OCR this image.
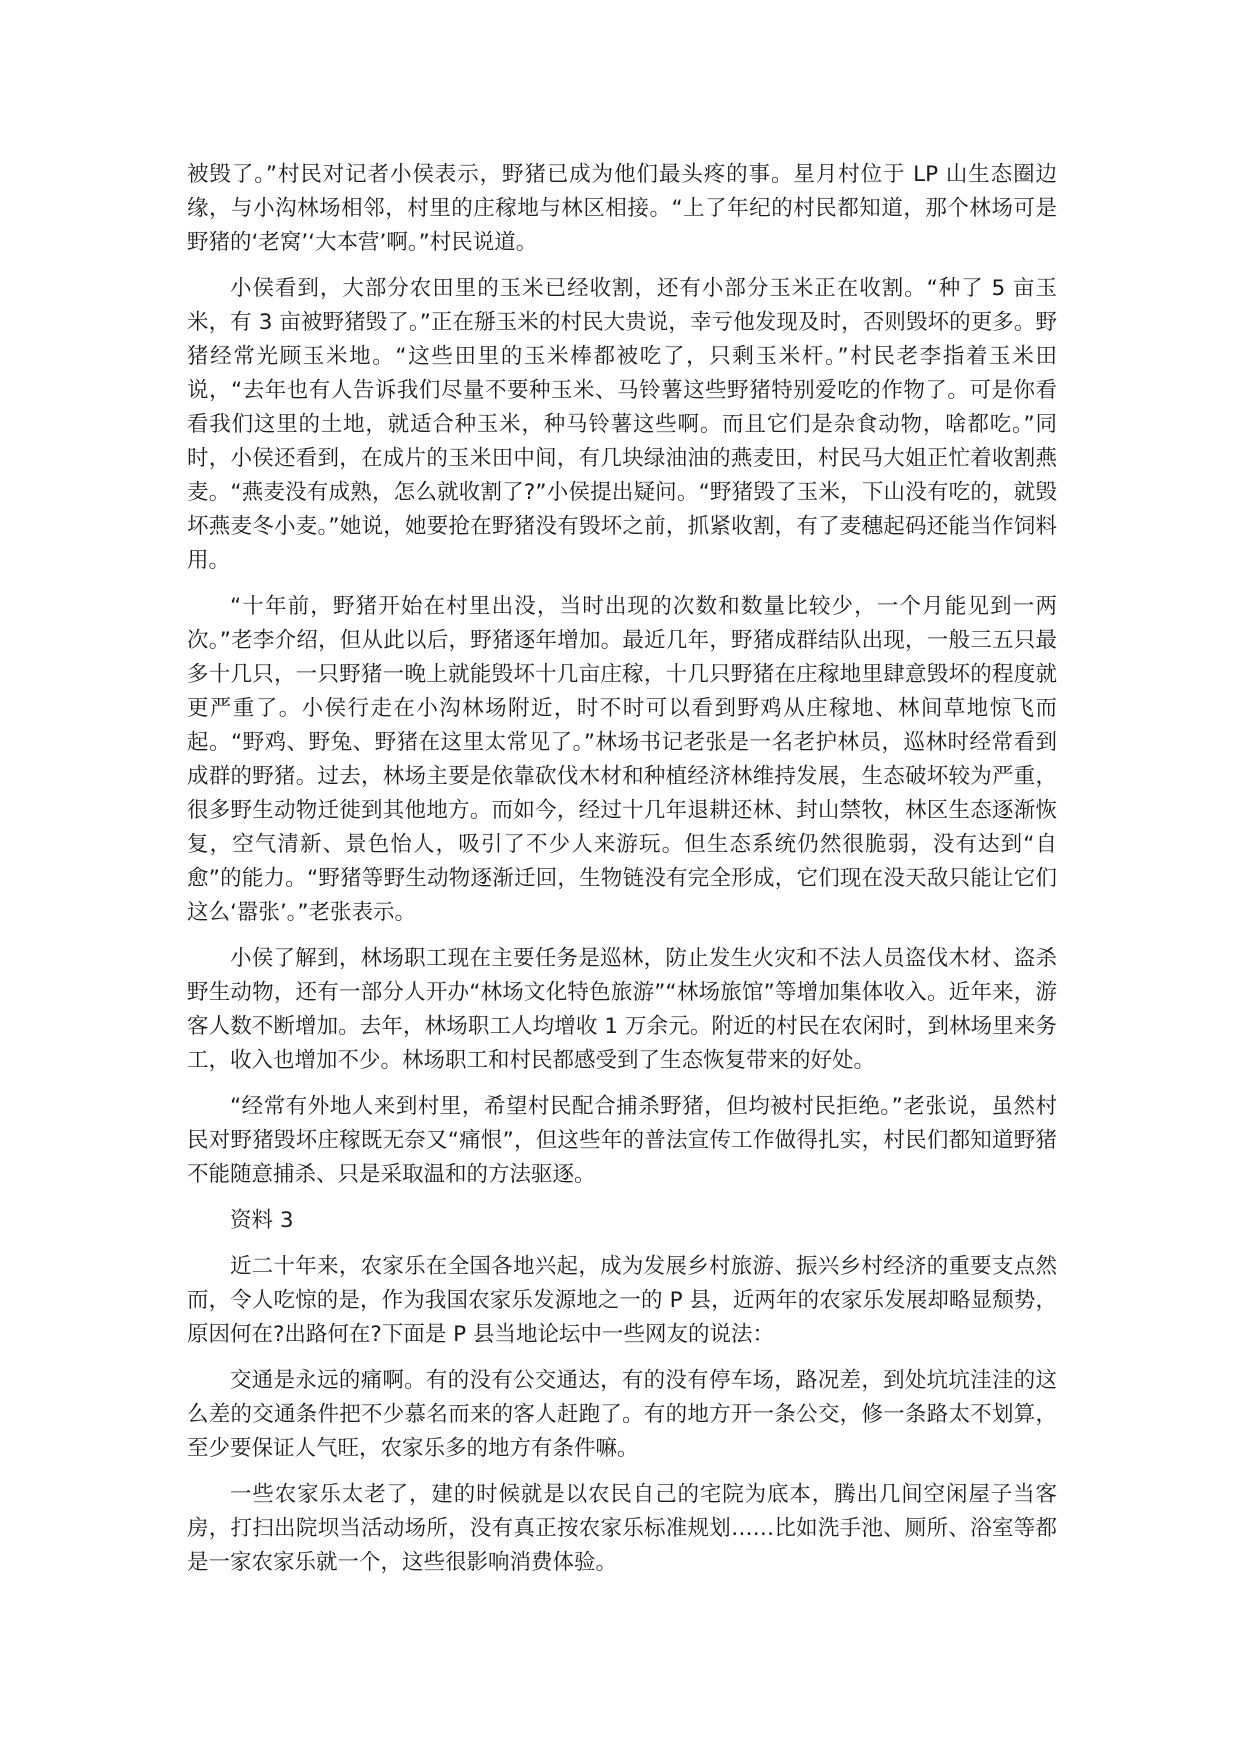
被毁了。”村民对记者小侯表示，野猪已成为他们最头疼的事。星月村位于 LP 山生态圈边缘，与小沟林场相邻，村里的庄稼地与林区相接。“上了年纪的村民都知道，那个林场可是野猪的‘老窝’‘大本营’啊。”村民说道。

小侯看到，大部分农田里的玉米已经收割，还有小部分玉米正在收割。“种了 5 亩玉米，有 3 亩被野猪毁了。”正在掰玉米的村民大贵说，幸亏他发现及时，否则毁坏的更多。野猪经常光顾玉米地。“这些田里的玉米棒都被吃了，只剩玉米杆。”村民老李指着玉米田说，“去年也有人告诉我们尽量不要种玉米、马铃薯这些野猪特别爱吃的作物了。可是你看看我们这里的土地，就适合种玉米，种马铃薯这些啊。而且它们是杂食动物，啥都吃。”同时，小侯还看到，在成片的玉米田中间，有几块绿油油的燕麦田，村民马大姐正忙着收割燕麦。“燕麦没有成熟，怎么就收割了?”小侯提出疑问。“野猪毁了玉米，下山没有吃的，就毁坏燕麦冬小麦。”她说，她要抢在野猪没有毁坏之前，抓紧收割，有了麦穗起码还能当作饲料用。

“十年前，野猪开始在村里出没，当时出现的次数和数量比较少，一个月能见到一两次。”老李介绍，但从此以后，野猪逐年增加。最近几年，野猪成群结队出现，一般三五只最多十几只，一只野猪一晚上就能毁坏十几亩庄稼，十几只野猪在庄稼地里肆意毁坏的程度就更严重了。小侯行走在小沟林场附近，时不时可以看到野鸡从庄稼地、林间草地惊飞而起。“野鸡、野兔、野猪在这里太常见了。”林场书记老张是一名老护林员，巡林时经常看到成群的野猪。过去，林场主要是依靠砍伐木材和种植经济林维持发展，生态破坏较为严重，很多野生动物迁徙到其他地方。而如今，经过十几年退耕还林、封山禁牧，林区生态逐渐恢复，空气清新、景色怡人，吸引了不少人来游玩。但生态系统仍然很脆弱，没有达到“自愈”的能力。“野猪等野生动物逐渐迁回，生物链没有完全形成，它们现在没天敌只能让它们这么‘嚣张’。”老张表示。

小侯了解到，林场职工现在主要任务是巡林，防止发生火灾和不法人员盗伐木材、盗杀野生动物，还有一部分人开办“林场文化特色旅游”“林场旅馆”等增加集体收入。近年来，游客人数不断增加。去年，林场职工人均增收 1 万余元。附近的村民在农闲时，到林场里来务工，收入也增加不少。林场职工和村民都感受到了生态恢复带来的好处。

“经常有外地人来到村里，希望村民配合捕杀野猪，但均被村民拒绝。”老张说，虽然村民对野猪毁坏庄稼既无奈又“痛恨”，但这些年的普法宣传工作做得扎实，村民们都知道野猪不能随意捕杀、只是采取温和的方法驱逐。

资料 3

近二十年来，农家乐在全国各地兴起，成为发展乡村旅游、振兴乡村经济的重要支点然而，令人吃惊的是，作为我国农家乐发源地之一的 P 县，近两年的农家乐发展却略显颓势，原因何在?出路何在?下面是 P 县当地论坛中一些网友的说法：

交通是永远的痛啊。有的没有公交通达，有的没有停车场，路况差，到处坑坑洼洼的这么差的交通条件把不少慕名而来的客人赶跑了。有的地方开一条公交，修一条路太不划算，至少要保证人气旺，农家乐多的地方有条件嘛。

一些农家乐太老了，建的时候就是以农民自己的宅院为底本，腾出几间空闲屋子当客房，打扫出院坝当活动场所，没有真正按农家乐标准规划……比如洗手池、厕所、浴室等都是一家农家乐就一个，这些很影响消费体验。
